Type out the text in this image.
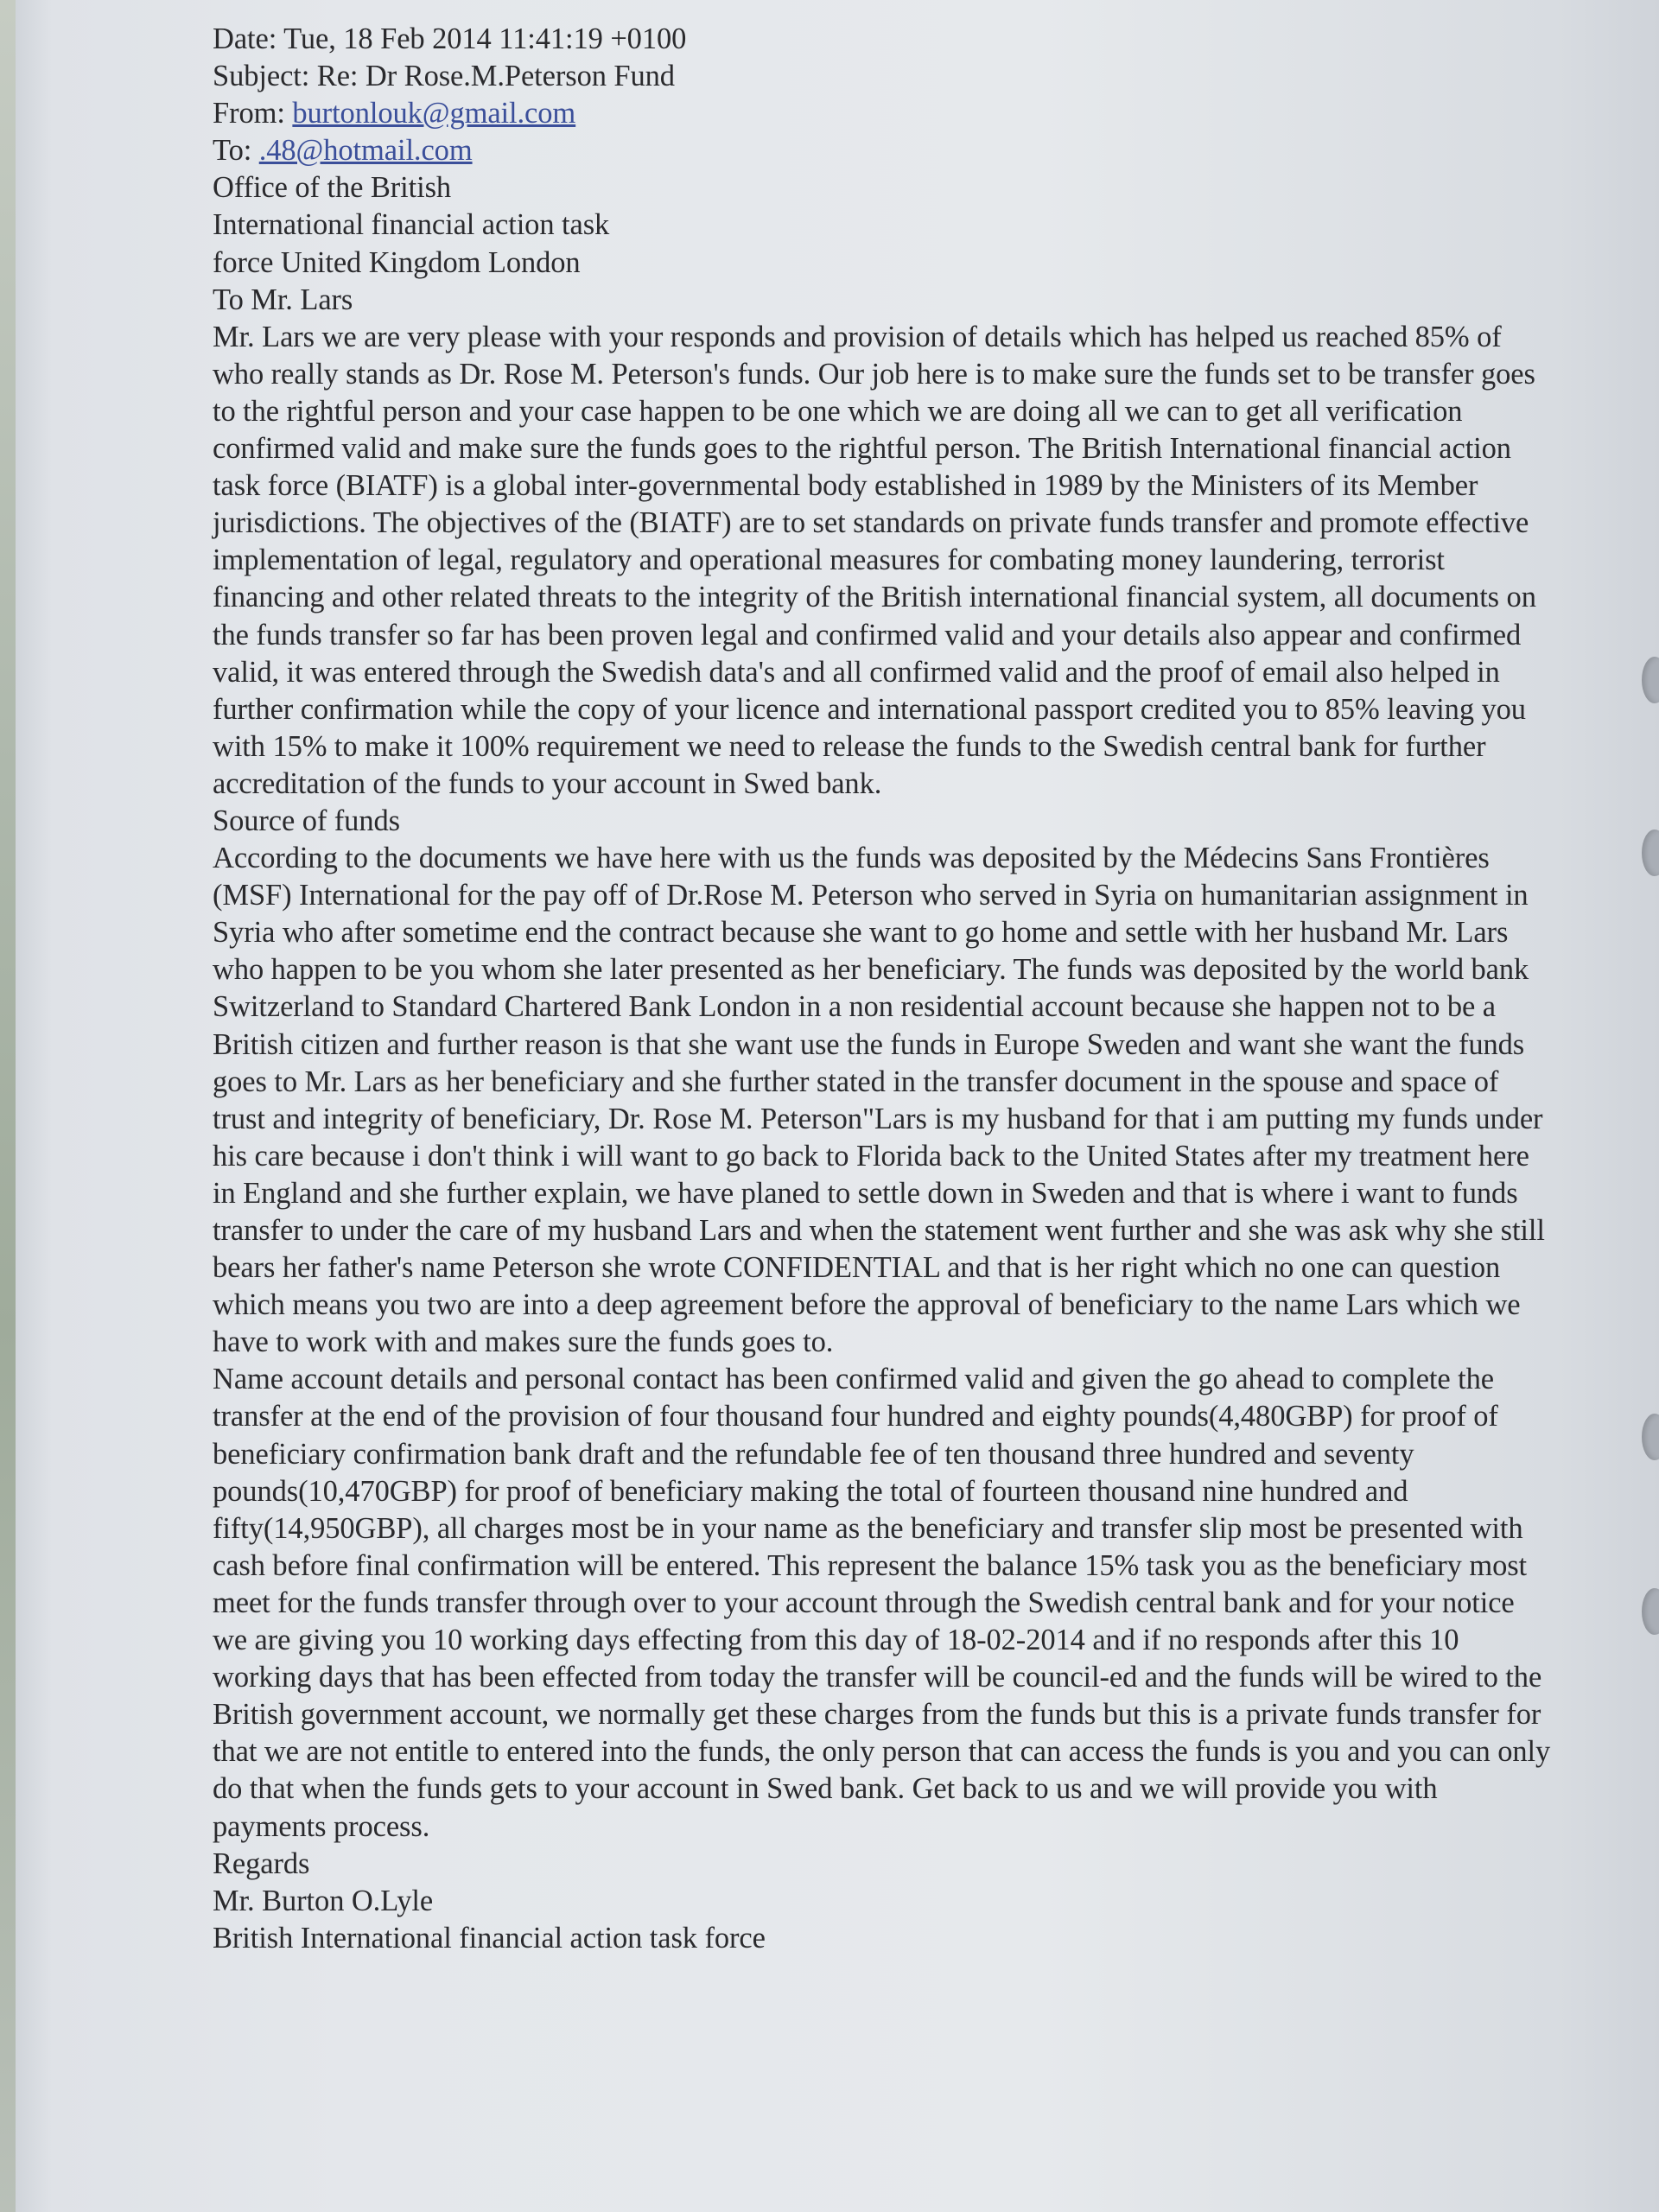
Date: Tue, 18 Feb 2014 11:41:19 +0100
Subject: Re: Dr Rose.M.Peterson Fund
From: burtonlouk@gmail.com
To: .48@hotmail.com
Office of the British
International financial action task
force United Kingdom London
To Mr. Lars
Mr. Lars we are very please with your responds and provision of details which has helped us reached 85% of who really stands as Dr. Rose M. Peterson's funds. Our job here is to make sure the funds set to be transfer goes to the rightful person and your case happen to be one which we are doing all we can to get all verification confirmed valid and make sure the funds goes to the rightful person. The British International financial action task force (BIATF) is a global inter-governmental body established in 1989 by the Ministers of its Member jurisdictions. The objectives of the (BIATF) are to set standards on private funds transfer and promote effective implementation of legal, regulatory and operational measures for combating money laundering, terrorist financing and other related threats to the integrity of the British international financial system, all documents on the funds transfer so far has been proven legal and confirmed valid and your details also appear and confirmed valid, it was entered through the Swedish data's and all confirmed valid and the proof of email also helped in further confirmation while the copy of your licence and international passport credited you to 85% leaving you with 15% to make it 100% requirement we need to release the funds to the Swedish central bank for further accreditation of the funds to your account in Swed bank.
Source of funds
According to the documents we have here with us the funds was deposited by the Médecins Sans Frontières (MSF) International for the pay off of Dr.Rose M. Peterson who served in Syria on humanitarian assignment in Syria who after sometime end the contract because she want to go home and settle with her husband Mr. Lars who happen to be you whom she later presented as her beneficiary. The funds was deposited by the world bank Switzerland to Standard Chartered Bank London in a non residential account because she happen not to be a British citizen and further reason is that she want use the funds in Europe Sweden and want she want the funds goes to Mr. Lars as her beneficiary and she further stated in the transfer document in the spouse and space of trust and integrity of beneficiary, Dr. Rose M. Peterson"Lars is my husband for that i am putting my funds under his care because i don't think i will want to go back to Florida back to the United States after my treatment here in England and she further explain, we have planed to settle down in Sweden and that is where i want to funds transfer to under the care of my husband Lars and when the statement went further and she was ask why she still bears her father's name Peterson she wrote CONFIDENTIAL and that is her right which no one can question which means you two are into a deep agreement before the approval of beneficiary to the name Lars which we have to work with and makes sure the funds goes to.
Name account details and personal contact has been confirmed valid and given the go ahead to complete the transfer at the end of the provision of four thousand four hundred and eighty pounds(4,480GBP) for proof of beneficiary confirmation bank draft and the refundable fee of ten thousand three hundred and seventy pounds(10,470GBP) for proof of beneficiary making the total of fourteen thousand nine hundred and fifty(14,950GBP), all charges most be in your name as the beneficiary and transfer slip most be presented with cash before final confirmation will be entered. This represent the balance 15% task you as the beneficiary most meet for the funds transfer through over to your account through the Swedish central bank and for your notice we are giving you 10 working days effecting from this day of 18-02-2014 and if no responds after this 10 working days that has been effected from today the transfer will be council-ed and the funds will be wired to the British government account, we normally get these charges from the funds but this is a private funds transfer for that we are not entitle to entered into the funds, the only person that can access the funds is you and you can only do that when the funds gets to your account in Swed bank. Get back to us and we will provide you with payments process.
Regards
Mr. Burton O.Lyle
British International financial action task force
